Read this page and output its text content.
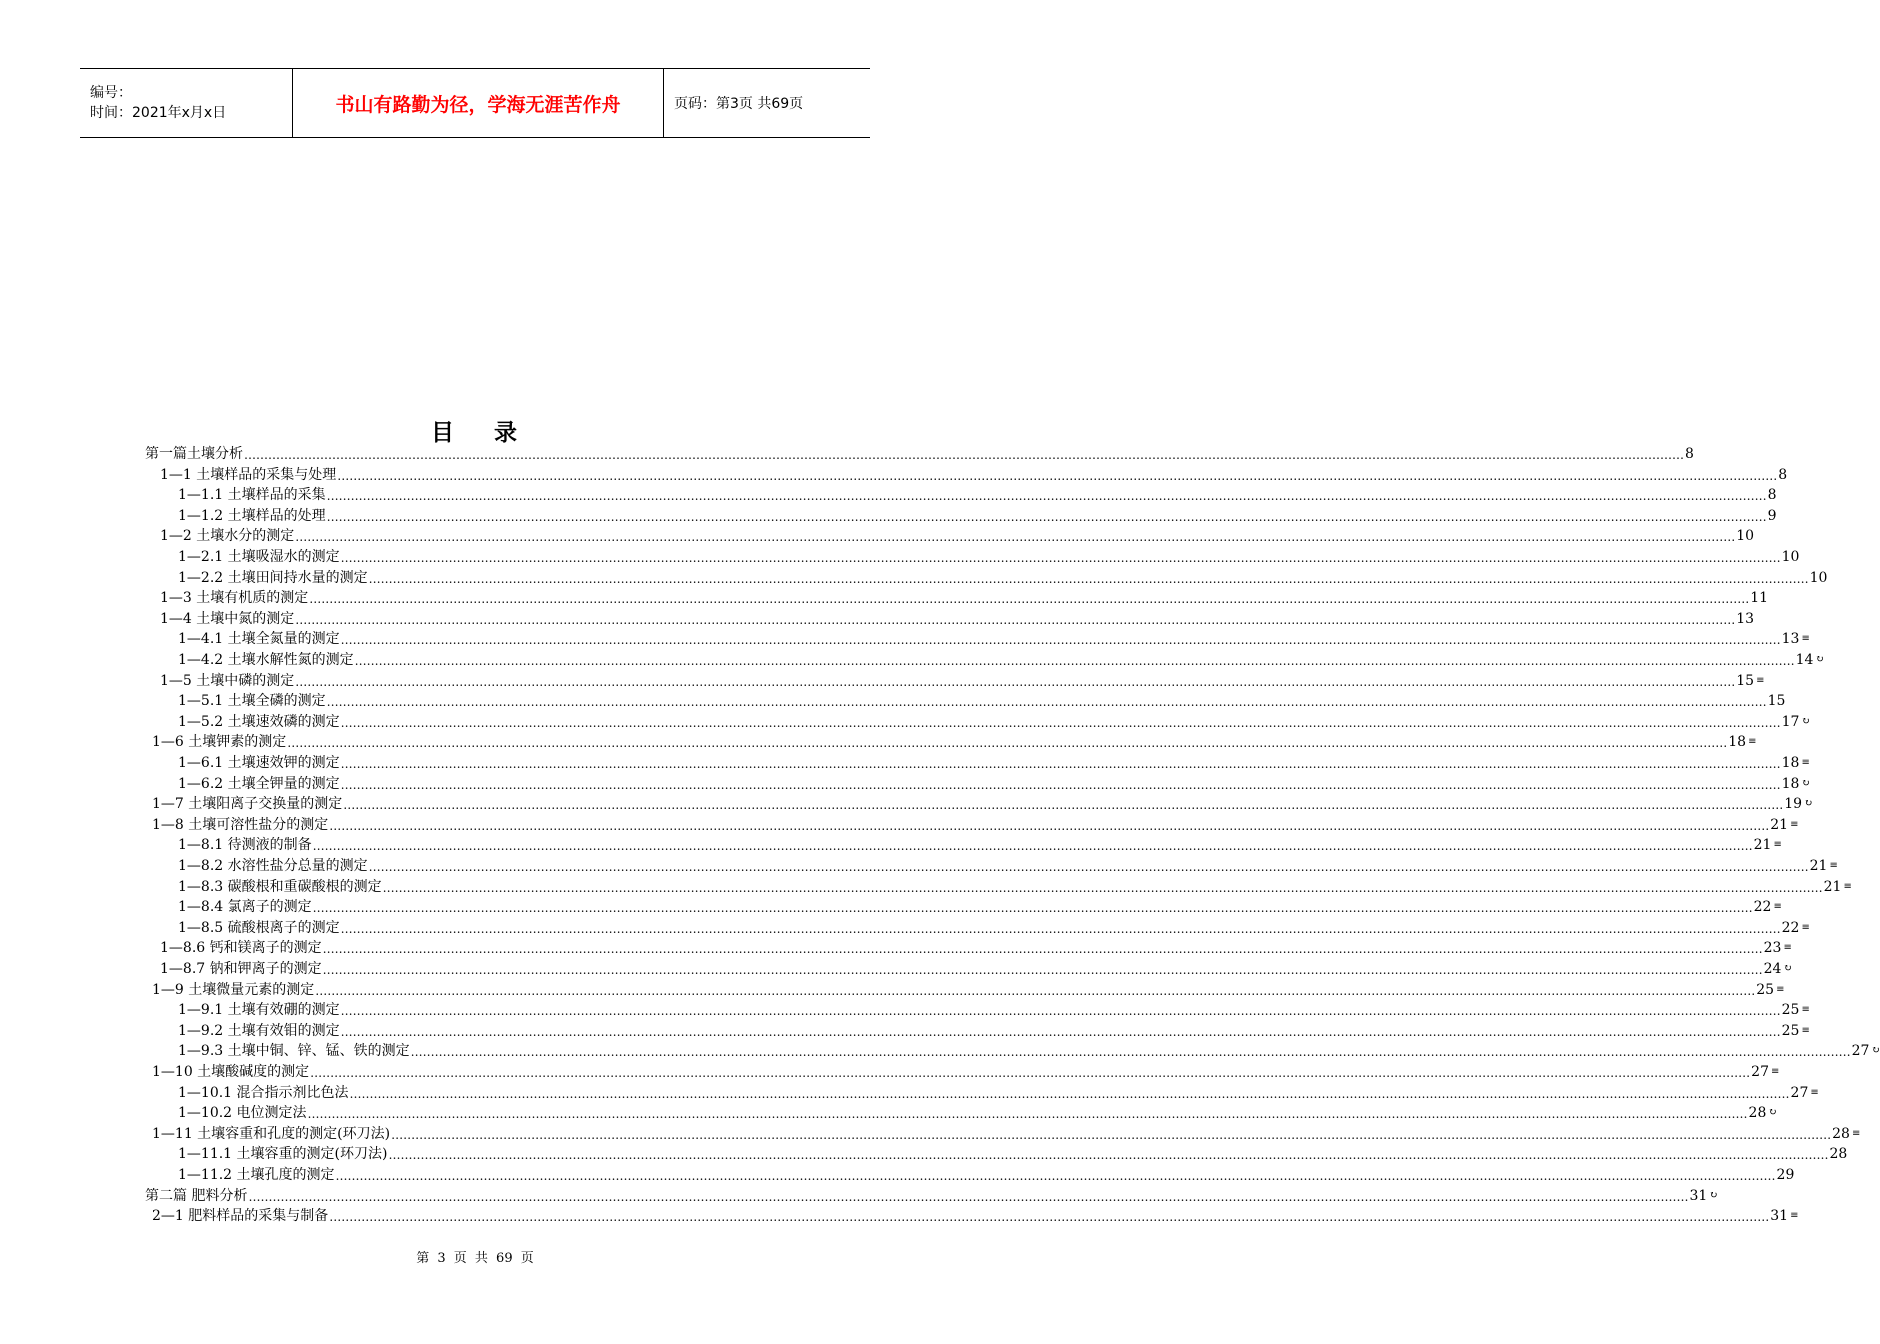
编号：
时间：2021年x月x日	书山有路勤为径，学海无涯苦作舟	页码：第3页 共69页
目 录
第一篇土壤分析 ……………………………………………………………………………………………………………………………………………………………………………………………………………………………………………………………………………………………………………………………… 8
1—1 土壤样品的采集与处理 ……………………………………………………………………………………………………………………………………………………………………………………………………………………………………………………………………………………………………………………………… 8
1—1.1 土壤样品的采集 ……………………………………………………………………………………………………………………………………………………………………………………………………………………………………………………………………………………………………………………………… 8
1—1.2 土壤样品的处理 ……………………………………………………………………………………………………………………………………………………………………………………………………………………………………………………………………………………………………………………………… 9
1—2 土壤水分的测定 ……………………………………………………………………………………………………………………………………………………………………………………………………………………………………………………………………………………………………………………………… 10
1—2.1 土壤吸湿水的测定 ……………………………………………………………………………………………………………………………………………………………………………………………………………………………………………………………………………………………………………………………… 10
1—2.2 土壤田间持水量的测定 ……………………………………………………………………………………………………………………………………………………………………………………………………………………………………………………………………………………………………………………………… 10
1—3 土壤有机质的测定 ……………………………………………………………………………………………………………………………………………………………………………………………………………………………………………………………………………………………………………………………… 11
1—4 土壤中氮的测定 ……………………………………………………………………………………………………………………………………………………………………………………………………………………………………………………………………………………………………………………………… 13
1—4.1 土壤全氮量的测定 ……………………………………………………………………………………………………………………………………………………………………………………………………………………………………………………………………………………………………………………………… 13 ≡
1—4.2 土壤水解性氮的测定 ……………………………………………………………………………………………………………………………………………………………………………………………………………………………………………………………………………………………………………………………… 14 ↻
1—5 土壤中磷的测定 ……………………………………………………………………………………………………………………………………………………………………………………………………………………………………………………………………………………………………………………………… 15 ≡
1—5.1 土壤全磷的测定 ……………………………………………………………………………………………………………………………………………………………………………………………………………………………………………………………………………………………………………………………… 15
1—5.2 土壤速效磷的测定 ……………………………………………………………………………………………………………………………………………………………………………………………………………………………………………………………………………………………………………………………… 17 ↻
1—6 土壤钾素的测定 ……………………………………………………………………………………………………………………………………………………………………………………………………………………………………………………………………………………………………………………………… 18 ≡
1—6.1 土壤速效钾的测定 ……………………………………………………………………………………………………………………………………………………………………………………………………………………………………………………………………………………………………………………………… 18 ≡
1—6.2 土壤全钾量的测定 ……………………………………………………………………………………………………………………………………………………………………………………………………………………………………………………………………………………………………………………………… 18 ↻
1—7 土壤阳离子交换量的测定 ……………………………………………………………………………………………………………………………………………………………………………………………………………………………………………………………………………………………………………………………… 19 ↻
1—8 土壤可溶性盐分的测定 ……………………………………………………………………………………………………………………………………………………………………………………………………………………………………………………………………………………………………………………………… 21 ≡
1—8.1 待测液的制备 ……………………………………………………………………………………………………………………………………………………………………………………………………………………………………………………………………………………………………………………………… 21 ≡
1—8.2 水溶性盐分总量的测定 ……………………………………………………………………………………………………………………………………………………………………………………………………………………………………………………………………………………………………………………………… 21 ≡
1—8.3 碳酸根和重碳酸根的测定 ……………………………………………………………………………………………………………………………………………………………………………………………………………………………………………………………………………………………………………………………… 21 ≡
1—8.4 氯离子的测定 ……………………………………………………………………………………………………………………………………………………………………………………………………………………………………………………………………………………………………………………………… 22 ≡
1—8.5 硫酸根离子的测定 ……………………………………………………………………………………………………………………………………………………………………………………………………………………………………………………………………………………………………………………………… 22 ≡
1—8.6 钙和镁离子的测定 ……………………………………………………………………………………………………………………………………………………………………………………………………………………………………………………………………………………………………………………………… 23 ≡
1—8.7 钠和钾离子的测定 ……………………………………………………………………………………………………………………………………………………………………………………………………………………………………………………………………………………………………………………………… 24 ↻
1—9 土壤微量元素的测定 ……………………………………………………………………………………………………………………………………………………………………………………………………………………………………………………………………………………………………………………………… 25 ≡
1—9.1 土壤有效硼的测定 ……………………………………………………………………………………………………………………………………………………………………………………………………………………………………………………………………………………………………………………………… 25 ≡
1—9.2 土壤有效钼的测定 ……………………………………………………………………………………………………………………………………………………………………………………………………………………………………………………………………………………………………………………………… 25 ≡
1—9.3 土壤中铜、锌、锰、铁的测定 ……………………………………………………………………………………………………………………………………………………………………………………………………………………………………………………………………………………………………………………………… 27 ↻
1—10 土壤酸碱度的测定 ……………………………………………………………………………………………………………………………………………………………………………………………………………………………………………………………………………………………………………………………… 27 ≡
1—10.1 混合指示剂比色法 ……………………………………………………………………………………………………………………………………………………………………………………………………………………………………………………………………………………………………………………………… 27 ≡
1—10.2 电位测定法 ……………………………………………………………………………………………………………………………………………………………………………………………………………………………………………………………………………………………………………………………… 28 ↻
1—11 土壤容重和孔度的测定(环刀法) ……………………………………………………………………………………………………………………………………………………………………………………………………………………………………………………………………………………………………………………………… 28 ≡
1—11.1 土壤容重的测定(环刀法) ……………………………………………………………………………………………………………………………………………………………………………………………………………………………………………………………………………………………………………………………… 28
1—11.2 土壤孔度的测定 ……………………………………………………………………………………………………………………………………………………………………………………………………………………………………………………………………………………………………………………………… 29
第二篇 肥料分析 ……………………………………………………………………………………………………………………………………………………………………………………………………………………………………………………………………………………………………………………………… 31 ↻
2—1 肥料样品的采集与制备 ……………………………………………………………………………………………………………………………………………………………………………………………………………………………………………………………………………………………………………………………… 31 ≡
第 3 页 共 69 页
